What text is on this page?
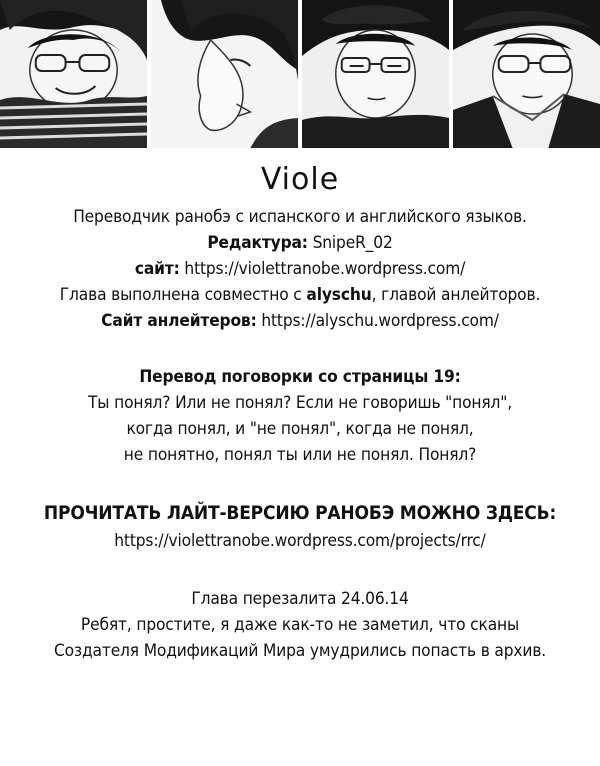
Viole
Переводчик ранобэ с испанского и английского языков.
Редактура: SnipeR_02
сайт: https://violettranobe.wordpress.com/
Глава выполнена совместно с alyschu, главой анлейторов.
Сайт анлейтеров: https://alyschu.wordpress.com/
Перевод поговорки со страницы 19:
Ты понял? Или не понял? Если не говоришь "понял",
когда понял, и "не понял", когда не понял,
не понятно, понял ты или не понял. Понял?
ПРОЧИТАТЬ ЛАЙТ-ВЕРСИЮ РАНОБЭ МОЖНО ЗДЕСЬ:
https://violettranobe.wordpress.com/projects/rrc/
Глава перезалита 24.06.14
Ребят, простите, я даже как-то не заметил, что сканы
Создателя Модификаций Мира умудрились попасть в архив.
